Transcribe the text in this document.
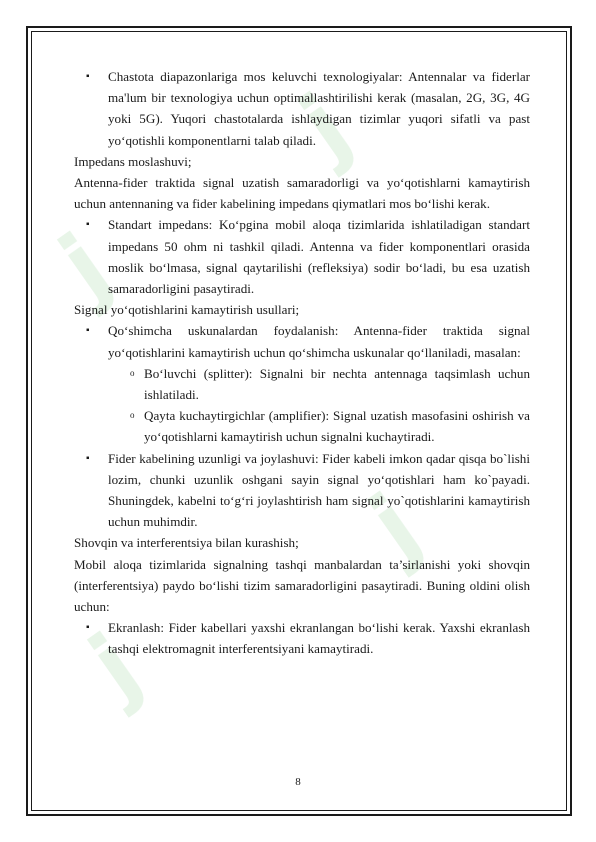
j
j
j
j
▪ Chastota diapazonlariga mos keluvchi texnologiyalar: Antennalar va fiderlar ma'lum bir texnologiya uchun optimallashtirilishi kerak (masalan, 2G, 3G, 4G yoki 5G). Yuqori chastotalarda ishlaydigan tizimlar yuqori sifatli va past yo‘qotishli komponentlarni talab qiladi.

Impedans moslashuvi;

Antenna-fider traktida signal uzatish samaradorligi va yo‘qotishlarni kamaytirish uchun antennaning va fider kabelining impedans qiymatlari mos bo‘lishi kerak.

▪ Standart impedans: Ko‘pgina mobil aloqa tizimlarida ishlatiladigan standart impedans 50 ohm ni tashkil qiladi. Antenna va fider komponentlari orasida moslik bo‘lmasa, signal qaytarilishi (refleksiya) sodir bo‘ladi, bu esa uzatish samaradorligini pasaytiradi.

Signal yo‘qotishlarini kamaytirish usullari;

▪ Qo‘shimcha uskunalardan foydalanish: Antenna-fider traktida signal yo‘qotishlarini kamaytirish uchun qo‘shimcha uskunalar qo‘llaniladi, masalan:
o Bo‘luvchi (splitter): Signalni bir nechta antennaga taqsimlash uchun ishlatiladi.
o Qayta kuchaytirgichlar (amplifier): Signal uzatish masofasini oshirish va yo‘qotishlarni kamaytirish uchun signalni kuchaytiradi.
▪ Fider kabelining uzunligi va joylashuvi: Fider kabeli imkon qadar qisqa bo`lishi lozim, chunki uzunlik oshgani sayin signal yo‘qotishlari ham ko`payadi. Shuningdek, kabelni to‘g‘ri joylashtirish ham signal yo`qotishlarini kamaytirish uchun muhimdir.

Shovqin va interferentsiya bilan kurashish;

Mobil aloqa tizimlarida signalning tashqi manbalardan ta’sirlanishi yoki shovqin (interferentsiya) paydo bo‘lishi tizim samaradorligini pasaytiradi. Buning oldini olish uchun:

▪ Ekranlash: Fider kabellari yaxshi ekranlangan bo‘lishi kerak. Yaxshi ekranlash tashqi elektromagnit interferentsiyani kamaytiradi.
8
